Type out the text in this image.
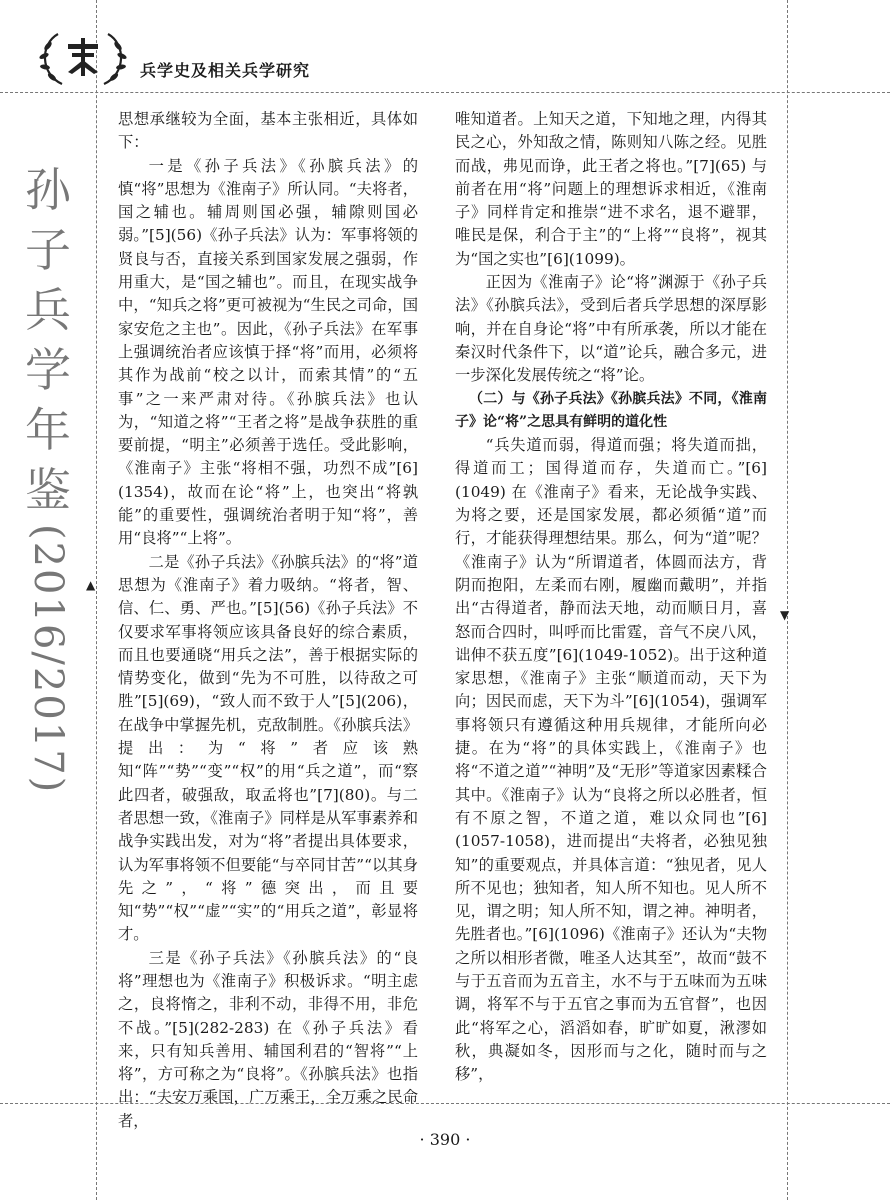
兵学史及相关兵学研究
孙
子
兵
学
年
鉴
(2016/2017) ▲
▼

思想承继较为全面，基本主张相近，具体如下：

一是《孙子兵法》《孙膑兵法》的慎“将”思想为《淮南子》所认同。“夫将者，国之辅也。辅周则国必强，辅隙则国必弱。”[5](56)《孙子兵法》认为：军事将领的贤良与否，直接关系到国家发展之强弱，作用重大，是“国之辅也”。而且，在现实战争中，“知兵之将”更可被视为“生民之司命，国家安危之主也”。因此，《孙子兵法》在军事上强调统治者应该慎于择“将”而用，必须将其作为战前“校之以计，而索其情”的“五事”之一来严肃对待。《孙膑兵法》也认为，“知道之将”“王者之将”是战争获胜的重要前提，“明主”必须善于选任。受此影响，《淮南子》主张“将相不强，功烈不成”[6](1354)，故而在论“将”上，也突出“将孰能”的重要性，强调统治者明于知“将”，善用“良将”“上将”。

二是《孙子兵法》《孙膑兵法》的“将”道思想为《淮南子》着力吸纳。“将者，智、信、仁、勇、严也。”[5](56)《孙子兵法》不仅要求军事将领应该具备良好的综合素质，而且也要通晓“用兵之法”，善于根据实际的情势变化，做到“先为不可胜，以待敌之可胜”[5](69)，“致人而不致于人”[5](206)，在战争中掌握先机，克敌制胜。《孙膑兵法》提出：为“将”者应该熟知“阵”“势”“变”“权”的用“兵之道”，而“察此四者，破强敌，取孟将也”[7](80)。与二者思想一致，《淮南子》同样是从军事素养和战争实践出发，对为“将”者提出具体要求，认为军事将领不但要能“与卒同甘苦”“以其身先之”，“将”德突出，而且要知“势”“权”“虚”“实”的“用兵之道”，彰显将才。

三是《孙子兵法》《孙膑兵法》的“良将”理想也为《淮南子》积极诉求。“明主虑之，良将惰之，非利不动，非得不用，非危不战。”[5](282-283) 在《孙子兵法》看来，只有知兵善用、辅国利君的“智将”“上将”，方可称之为“良将”。《孙膑兵法》也指出：“夫安万乘国，广万乘王，全万乘之民命者，

唯知道者。上知天之道，下知地之理，内得其民之心，外知敌之情，陈则知八陈之经。见胜而战，弗见而诤，此王者之将也。”[7](65) 与前者在用“将”问题上的理想诉求相近，《淮南子》同样肯定和推崇“进不求名，退不避罪，唯民是保，利合于主”的“上将”“良将”，视其为“国之实也”[6](1099)。

正因为《淮南子》论“将”渊源于《孙子兵法》《孙膑兵法》，受到后者兵学思想的深厚影响，并在自身论“将”中有所承袭，所以才能在秦汉时代条件下，以“道”论兵，融合多元，进一步深化发展传统之“将”论。

（二）与《孙子兵法》《孙膑兵法》不同，《淮南子》论“将”之思具有鲜明的道化性

“兵失道而弱，得道而强；将失道而拙，得道而工；国得道而存，失道而亡。”[6](1049) 在《淮南子》看来，无论战争实践、为将之要，还是国家发展，都必须循“道”而行，才能获得理想结果。那么，何为“道”呢？《淮南子》认为“所谓道者，体圆而法方，背阴而抱阳，左柔而右刚，履幽而戴明”，并指出“古得道者，静而法天地，动而顺日月，喜怒而合四时，叫呼而比雷霆，音气不戾八风，诎伸不获五度”[6](1049-1052)。出于这种道家思想，《淮南子》主张“顺道而动，天下为向；因民而虑，天下为斗”[6](1054)，强调军事将领只有遵循这种用兵规律，才能所向必捷。在为“将”的具体实践上，《淮南子》也将“不道之道”“神明”及“无形”等道家因素糅合其中。《淮南子》认为“良将之所以必胜者，恒有不原之智，不道之道，难以众同也”[6](1057-1058)，进而提出“夫将者，必独见独知”的重要观点，并具体言道：“独见者，见人所不见也；独知者，知人所不知也。见人所不见，谓之明；知人所不知，谓之神。神明者，先胜者也。”[6](1096)《淮南子》还认为“夫物之所以相形者微，唯圣人达其至”，故而“鼓不与于五音而为五音主，水不与于五味而为五味调，将军不与于五官之事而为五官督”，也因此“将军之心，滔滔如春，旷旷如夏，湫漻如秋，典凝如冬，因形而与之化，随时而与之移”，

· 390 ·
